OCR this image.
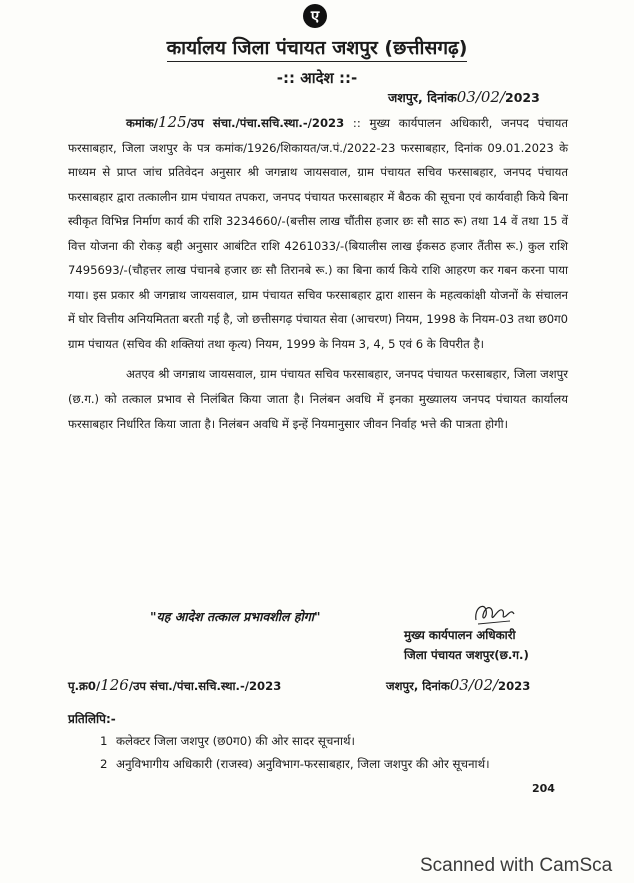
ए
कार्यालय जिला पंचायत जशपुर (छत्तीसगढ़)
-:: आदेश ::-
जशपुर, दिनांक03/02/2023

कमांक/125/उप संचा./पंचा.सचि.स्था.-/2023 :: मुख्य कार्यपालन अधिकारी, जनपद पंचायत फरसाबहार, जिला जशपुर के पत्र कमांक/1926/शिकायत/ज.पं./2022-23 फरसाबहार, दिनांक 09.01.2023 के माध्यम से प्राप्त जांच प्रतिवेदन अनुसार श्री जगन्नाथ जायसवाल, ग्राम पंचायत सचिव फरसाबहार, जनपद पंचायत फरसाबहार द्वारा तत्कालीन ग्राम पंचायत तपकरा, जनपद पंचायत फरसाबहार में बैठक की सूचना एवं कार्यवाही किये बिना स्वीकृत विभिन्न निर्माण कार्य की राशि 3234660/-(बत्तीस लाख चौंतीस हजार छः सौ साठ रू) तथा 14 वें तथा 15 वें वित्त योजना की रोकड़ बही अनुसार आबंटित राशि 4261033/-(बियालीस लाख ईकसठ हजार तैंतीस रू.) कुल राशि 7495693/-(चौहत्तर लाख पंचानबे हजार छः सौ तिरानबे रू.) का बिना कार्य किये राशि आहरण कर गबन करना पाया गया। इस प्रकार श्री जगन्नाथ जायसवाल, ग्राम पंचायत सचिव फरसाबहार द्वारा शासन के महत्वकांक्षी योजनों के संचालन में घोर वित्तीय अनियमितता बरती गई है, जो छत्तीसगढ़ पंचायत सेवा (आचरण) नियम, 1998 के नियम-03 तथा छ0ग0 ग्राम पंचायत (सचिव की शक्तियां तथा कृत्य) नियम, 1999 के नियम 3, 4, 5 एवं 6 के विपरीत है।

अतएव श्री जगन्नाथ जायसवाल, ग्राम पंचायत सचिव फरसाबहार, जनपद पंचायत फरसाबहार, जिला जशपुर (छ.ग.) को तत्काल प्रभाव से निलंबित किया जाता है। निलंबन अवधि में इनका मुख्यालय जनपद पंचायत कार्यालय फरसाबहार निर्धारित किया जाता है। निलंबन अवधि में इन्हें नियमानुसार जीवन निर्वाह भत्ते की पात्रता होगी।

"यह आदेश तत्काल प्रभावशील होगा"
मुख्य कार्यपालन अधिकारी
जिला पंचायत जशपुर(छ.ग.)
पृ.क्र0/126/उप संचा./पंचा.सचि.स्था.-/2023	जशपुर, दिनांक03/02/2023
प्रतिलिपि:-
1 कलेक्टर जिला जशपुर (छ0ग0) की ओर सादर सूचनार्थ।
2 अनुविभागीय अधिकारी (राजस्व) अनुविभाग-फरसाबहार, जिला जशपुर की ओर सूचनार्थ।
204
Scanned with CamSca
